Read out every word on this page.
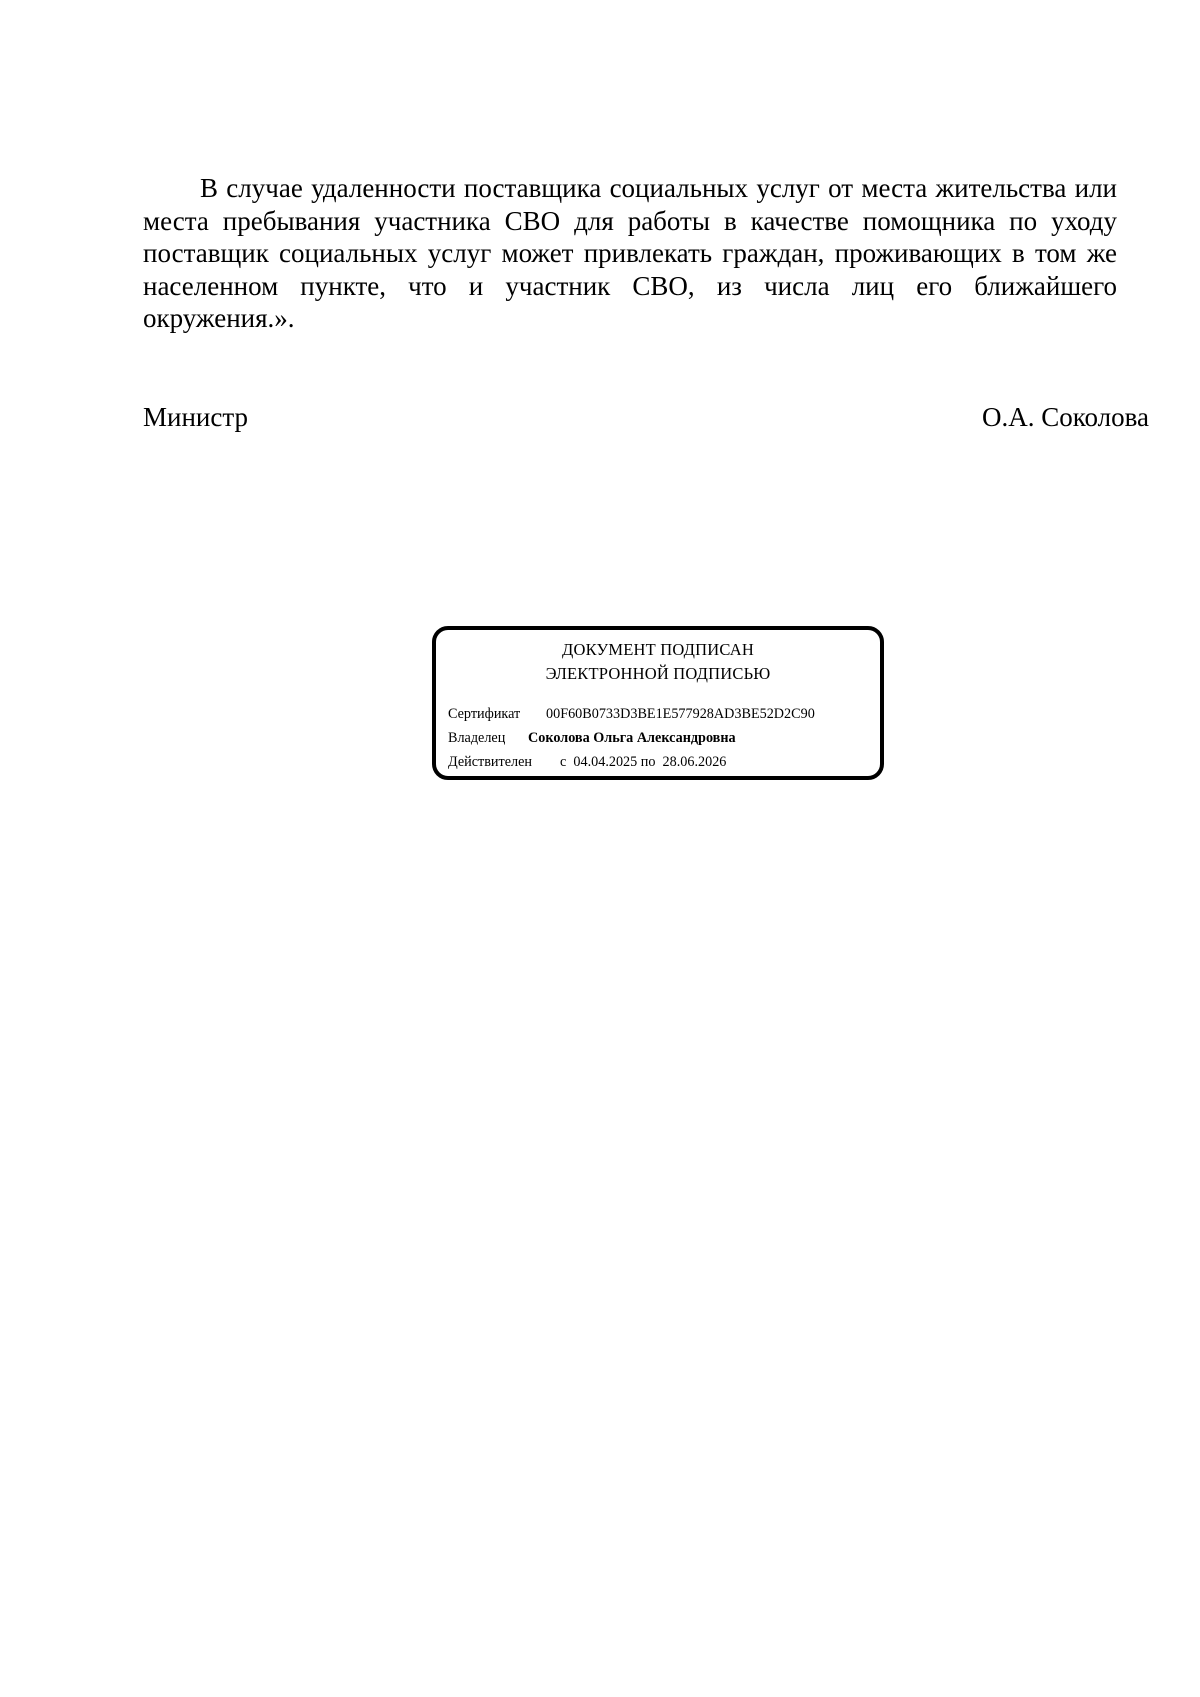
В случае удаленности поставщика социальных услуг от места жительства или места пребывания участника СВО для работы в качестве помощника по уходу поставщик социальных услуг может привлекать граждан, проживающих в том же населенном пункте, что и участник СВО, из числа лиц его ближайшего окружения.».

Министр	О.А. Соколова
ДОКУМЕНТ ПОДПИСАН
ЭЛЕКТРОННОЙ ПОДПИСЬЮ
Сертификат 00F60B0733D3BE1E577928AD3BE52D2C90
Владелец Соколова Ольга Александровна
Действителен с  04.04.2025 по  28.06.2026
